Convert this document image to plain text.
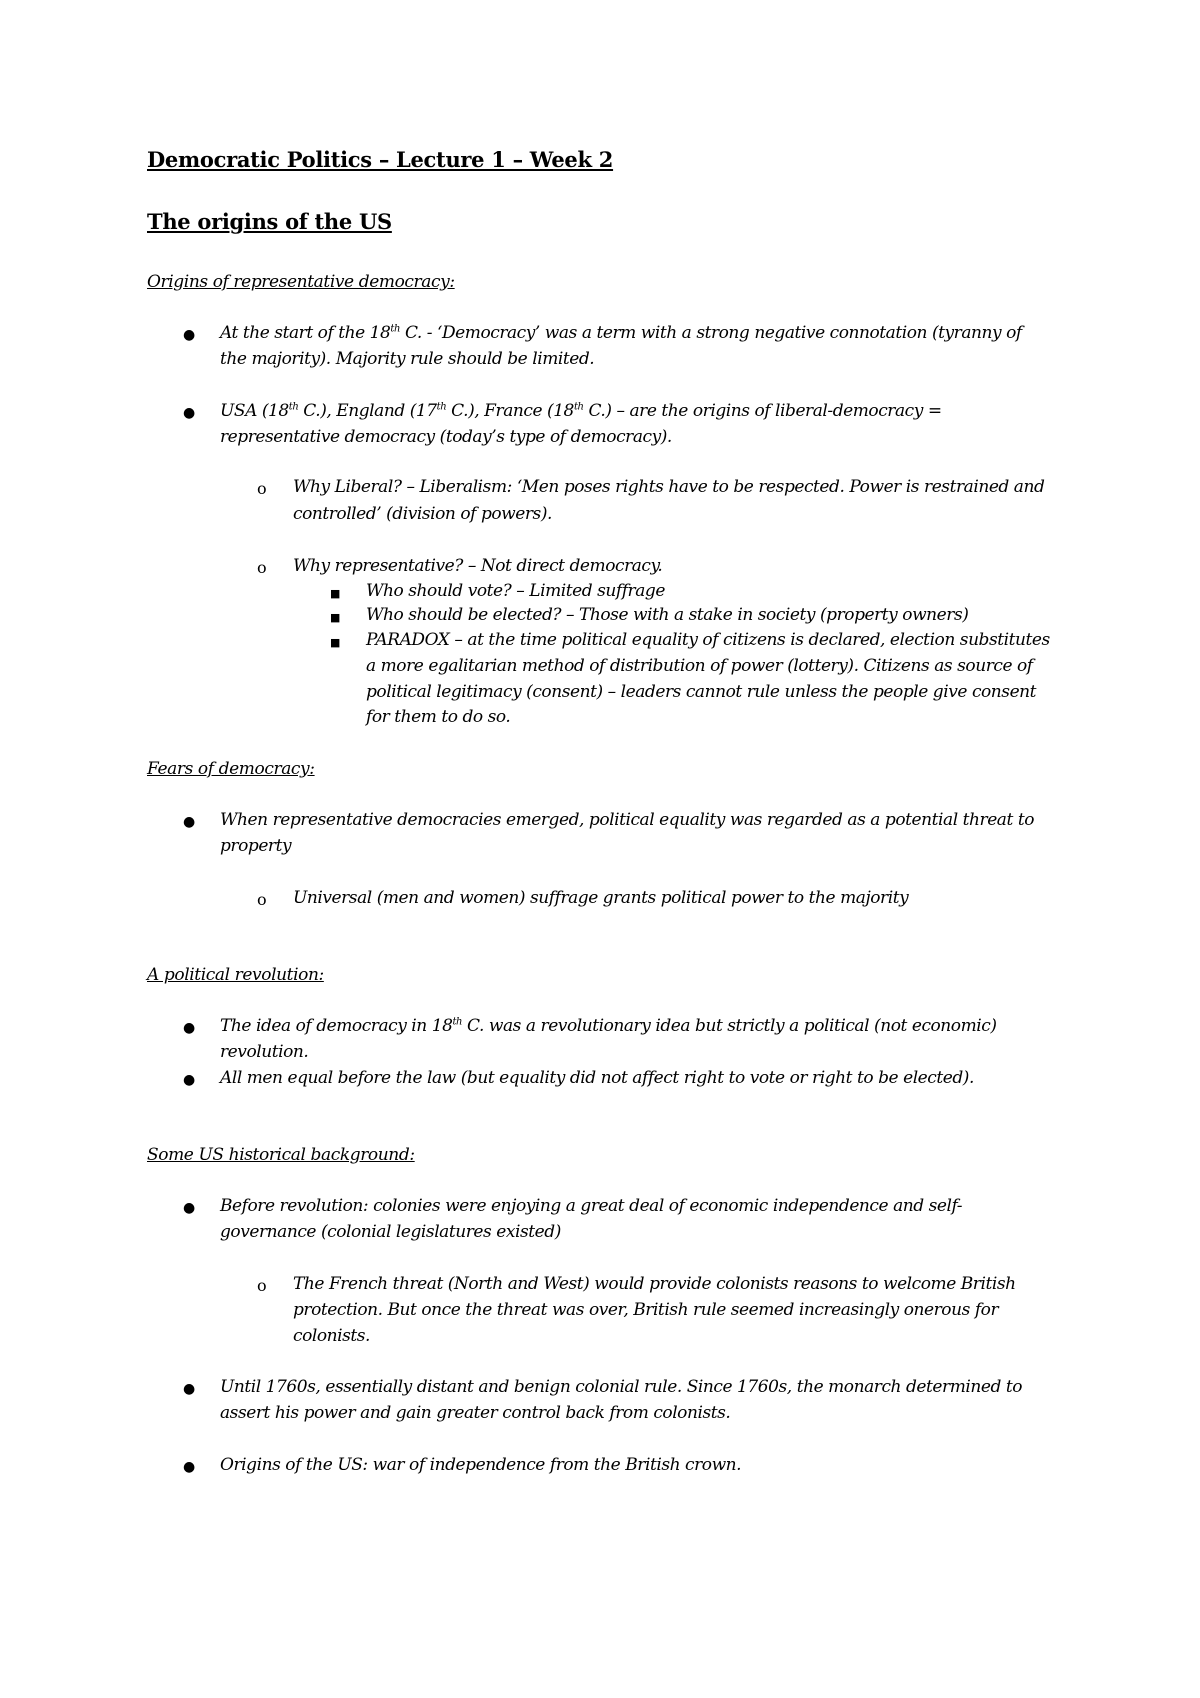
Democratic Politics – Lecture 1 – Week 2
The origins of the US
Origins of representative democracy:
● At the start of the 18th C. - ‘Democracy’ was a term with a strong negative connotation (tyranny of
the majority). Majority rule should be limited.
● USA (18th C.), England (17th C.), France (18th C.) – are the origins of liberal-democracy =
representative democracy (today’s type of democracy).
o Why Liberal? – Liberalism: ‘Men poses rights have to be respected. Power is restrained and
controlled’ (division of powers).
o Why representative? – Not direct democracy.
■ Who should vote? – Limited suffrage
■ Who should be elected? – Those with a stake in society (property owners)
■ PARADOX – at the time political equality of citizens is declared, election substitutes
a more egalitarian method of distribution of power (lottery). Citizens as source of
political legitimacy (consent) – leaders cannot rule unless the people give consent
for them to do so.
Fears of democracy:
● When representative democracies emerged, political equality was regarded as a potential threat to
property
o Universal (men and women) suffrage grants political power to the majority
A political revolution:
● The idea of democracy in 18th C. was a revolutionary idea but strictly a political (not economic)
revolution.
● All men equal before the law (but equality did not affect right to vote or right to be elected).
Some US historical background:
● Before revolution: colonies were enjoying a great deal of economic independence and self-
governance (colonial legislatures existed)
o The French threat (North and West) would provide colonists reasons to welcome British
protection. But once the threat was over, British rule seemed increasingly onerous for
colonists.
● Until 1760s, essentially distant and benign colonial rule. Since 1760s, the monarch determined to
assert his power and gain greater control back from colonists.
● Origins of the US: war of independence from the British crown.
